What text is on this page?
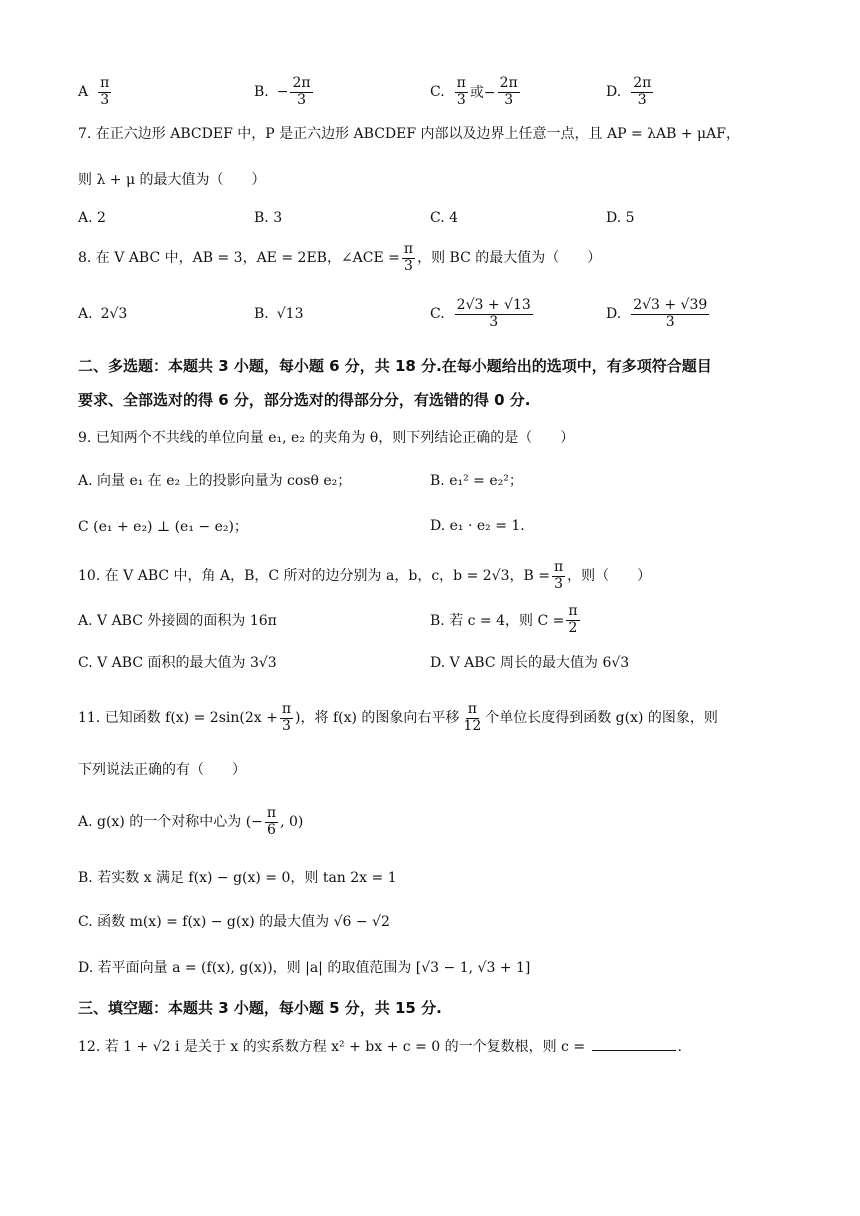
A $\frac{\pi}{3}$	B. − $\frac{2\pi}{3}$	C. $\frac{\pi}{3}$ 或− $\frac{2\pi}{3}$	D. $\frac{2\pi}{3}$
7. 在正六边形 ABCDEF 中，P 是正六边形 ABCDEF 内部以及边界上任意一点，且 AP = λAB + μAF，
则 λ + μ 的最大值为（　　）
A. 2	B. 3	C. 4	D. 5
8. 在 V ABC 中，AB = 3，AE = 2EB，∠ACE = $\frac{\pi}{3}$ ，则 BC 的最大值为（　　）
A. 2√3	B. √13	C. $\frac{2√3 + √13}{3}$	D. $\frac{2√3 + √39}{3}$
二、多选题：本题共 3 小题，每小题 6 分，共 18 分.在每小题给出的选项中，有多项符合题目
要求、全部选对的得 6 分，部分选对的得部分分，有选错的得 0 分.
9. 已知两个不共线的单位向量 e₁, e₂ 的夹角为 θ，则下列结论正确的是（　　）
A. 向量 e₁ 在 e₂ 上的投影向量为 cosθ e₂；	B. e₁² = e₂²；
C (e₁ + e₂) ⊥ (e₁ − e₂)；	D. e₁ · e₂ = 1.
10. 在 V ABC 中，角 A，B，C 所对的边分别为 a，b，c，b = 2√3，$B = \frac{\pi}{3}$ ，则（　　）
A. V ABC 外接圆的面积为 16π	B. 若 c = 4，则 $C = \frac{\pi}{2}$
C. V ABC 面积的最大值为 3√3	D. V ABC 周长的最大值为 6√3
11. 已知函数 $f(x) = 2\sin(2x + \frac{\pi}{3}$ )，将 f(x) 的图象向右平移 $\frac{\pi}{12}$ 个单位长度得到函数 g(x) 的图象，则
下列说法正确的有（　　）
A. g(x) 的一个对称中心为 (− $\frac{\pi}{6}$ , 0)
B. 若实数 x 满足 f(x) − g(x) = 0，则 tan 2x = 1
C. 函数 m(x) = f(x) − g(x) 的最大值为 √6 − √2
D. 若平面向量 a = (f(x), g(x))，则 |a| 的取值范围为 [√3 − 1, √3 + 1]
三、填空题：本题共 3 小题，每小题 5 分，共 15 分.
12. 若 1 + √2 i 是关于 x 的实系数方程 x² + bx + c = 0 的一个复数根，则 c =	.
